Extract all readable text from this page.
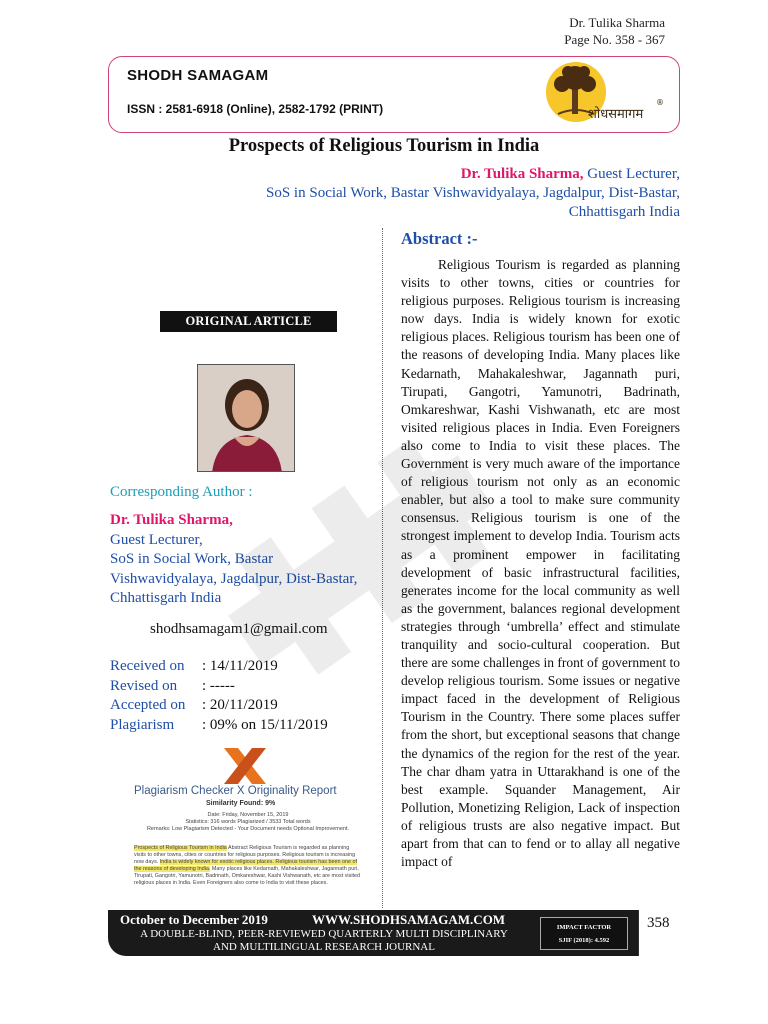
Dr. Tulika Sharma
Page No. 358 - 367
SHODH SAMAGAM
ISSN : 2581-6918 (Online), 2582-1792 (PRINT)	शोधसमागम
®
Prospects of Religious Tourism in India
Dr. Tulika Sharma, Guest Lecturer,
SoS in Social Work, Bastar Vishwavidyalaya, Jagdalpur, Dist-Bastar,
Chhattisgarh India
ORIGINAL ARTICLE
Corresponding Author :
Dr. Tulika Sharma,
Guest Lecturer,
SoS in Social Work, Bastar
Vishwavidyalaya, Jagdalpur, Dist-Bastar,
Chhattisgarh India
shodhsamagam1@gmail.com
Received on	: 14/11/2019
Revised on	: -----
Accepted on	: 20/11/2019
Plagiarism	: 09% on 15/11/2019
Plagiarism Checker X Originality Report
Similarity Found: 9%
Date: Friday, November 15, 2019
Statistics: 316 words Plagiarized / 3533 Total words
Remarks: Low Plagiarism Detected - Your Document needs Optional Improvement.
Prospects of Religious Tourism in India Abstract Religious Tourism is regarded as planning visits to other towns, cities or countries for religious purposes. Religious tourism is increasing now days. India is widely known for exotic religious places. Religious tourism has been one of the reasons of developing India. Many places like Kedarnath, Mahakaleshwar, Jagannath puri, Tirupati, Gangotri, Yamunotri, Badrinath, Omkareshwar, Kashi Vishwanath, etc are most visited religious places in India. Even Foreigners also come to India to visit these places.
Abstract :-
Religious Tourism is regarded as planning visits to other towns, cities or countries for religious purposes. Religious tourism is increasing now days. India is widely known for exotic religious places. Religious tourism has been one of the reasons of developing India. Many places like Kedarnath, Mahakaleshwar, Jagannath puri, Tirupati, Gangotri, Yamunotri, Badrinath, Omkareshwar, Kashi Vishwanath, etc are most visited religious places in India. Even Foreigners also come to India to visit these places. The Government is very much aware of the importance of religious tourism not only as an economic enabler, but also a tool to make sure community consensus. Religious tourism is one of the strongest implement to develop India. Tourism acts as a prominent empower in facilitating development of basic infrastructural facilities, generates income for the local community as well as the government, balances regional development strategies through ‘umbrella’ effect and stimulate tranquility and socio-cultural cooperation. But there are some challenges in front of government to develop religious tourism. Some issues or negative impact faced in the development of Religious Tourism in the Country. There some places suffer from the short, but exceptional seasons that change the dynamics of the region for the rest of the year. The char dham yatra in Uttarakhand is one of the best example. Squander Management, Air Pollution, Monetizing Religion, Lack of inspection of religious trusts are also negative impact. But apart from that can to fend or to allay all negative impact of
October to December 2019	WWW.SHODHSAMAGAM.COM
A DOUBLE-BLIND, PEER-REVIEWED QUARTERLY MULTI DISCIPLINARY
AND MULTILINGUAL RESEARCH JOURNAL
IMPACT FACTOR
SJIF (2018): 4.592
358
